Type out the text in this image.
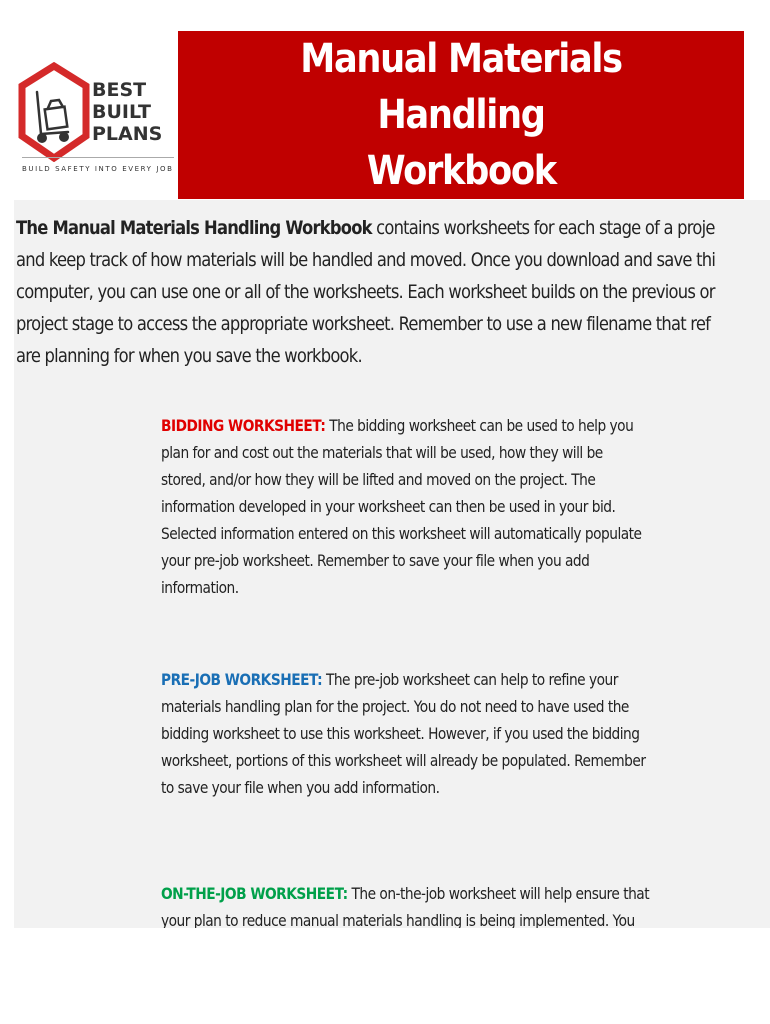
BEST
BUILT
PLANS
BUILD SAFETY INTO EVERY JOB
Manual Materials Handling
Workbook

The Manual Materials Handling Workbook contains worksheets for each stage of a proje
and keep track of how materials will be handled and moved. Once you download and save thi
computer, you can use one or all of the worksheets. Each worksheet builds on the previous or
project stage to access the appropriate worksheet. Remember to use a new filename that ref
are planning for when you save the workbook.

BIDDING WORKSHEET: The bidding worksheet can be used to help you
plan for and cost out the materials that will be used, how they will be
stored, and/or how they will be lifted and moved on the project. The
information developed in your worksheet can then be used in your bid.
Selected information entered on this worksheet will automatically populate
your pre-job worksheet. Remember to save your file when you add
information.

PRE-JOB WORKSHEET: The pre-job worksheet can help to refine your
materials handling plan for the project. You do not need to have used the
bidding worksheet to use this worksheet. However, if you used the bidding
worksheet, portions of this worksheet will already be populated. Remember
to save your file when you add information.

ON-THE-JOB WORKSHEET: The on-the-job worksheet will help ensure that
your plan to reduce manual materials handling is being implemented. You
